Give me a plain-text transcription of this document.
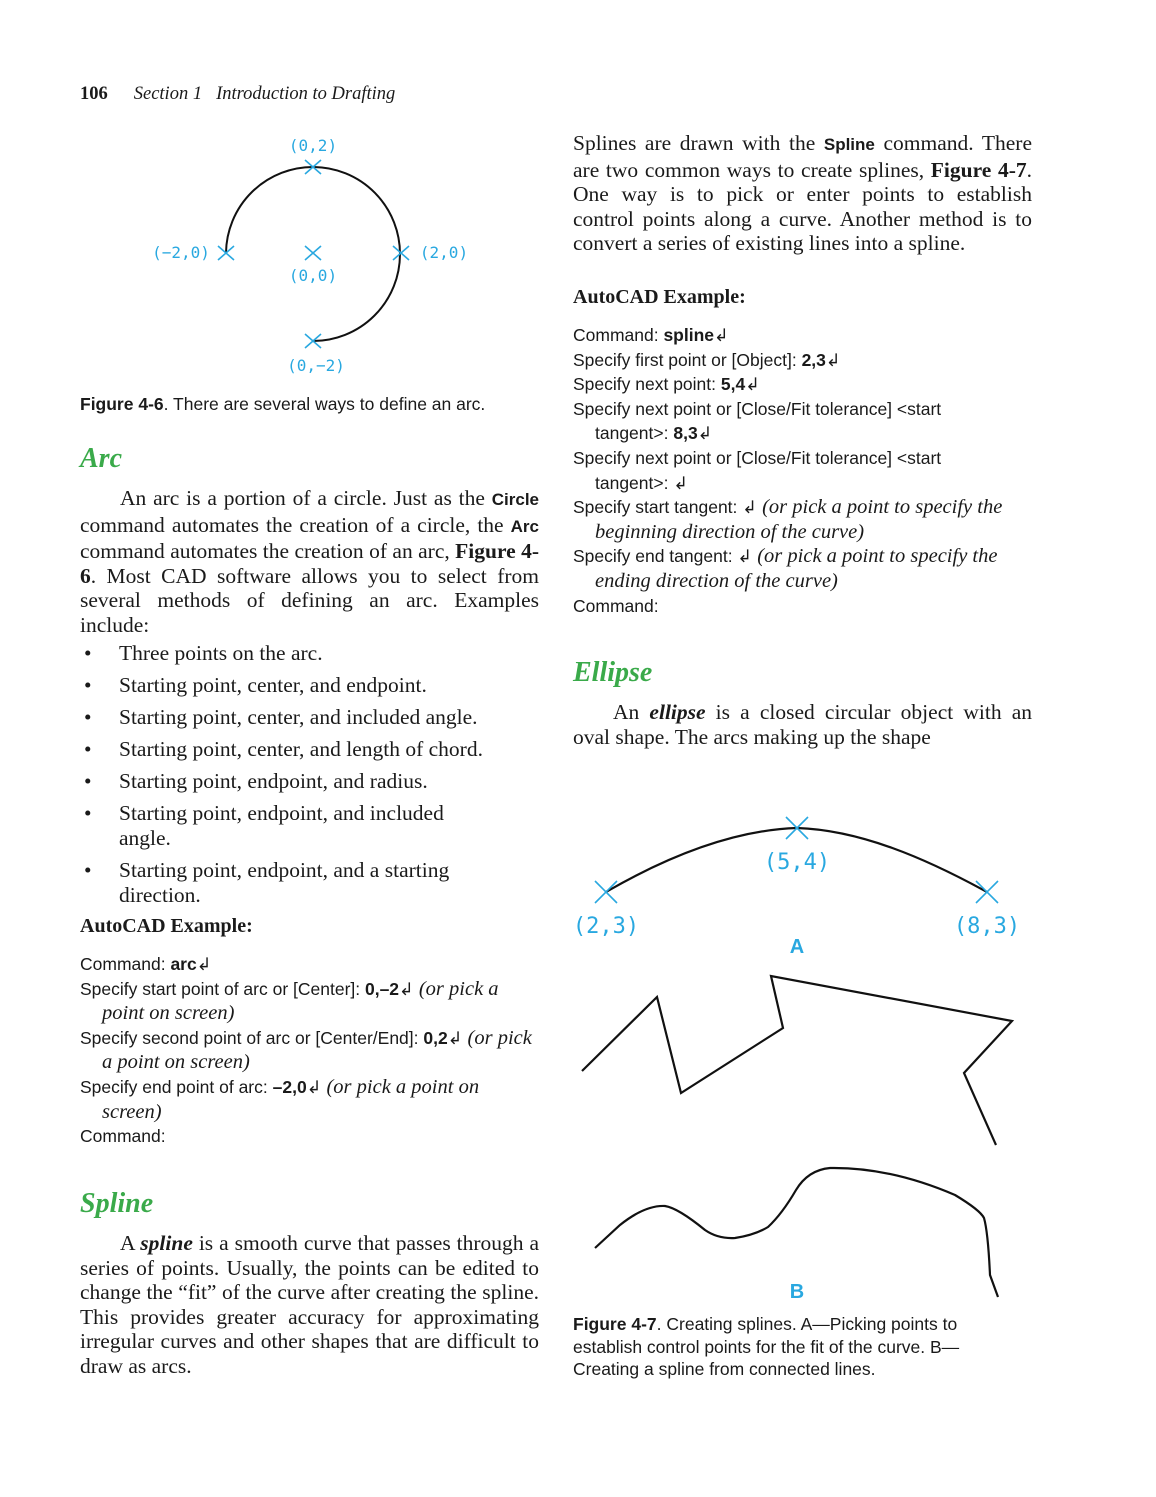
106 Section 1 Introduction to Drafting
(0,2)
(−2,0)
(0,0)
(2,0)
(0,−2)

Figure 4-6. There are several ways to define an arc.

Arc

An arc is a portion of a circle. Just as the Circle command automates the creation of a circle, the Arc command automates the creation of an arc, Figure 4-6. Most CAD software allows you to select from several methods of defining an arc. Examples include:

• Three points on the arc.
• Starting point, center, and endpoint.
• Starting point, center, and included angle.
• Starting point, center, and length of chord.
• Starting point, endpoint, and radius.
• Starting point, endpoint, and included angle.
• Starting point, endpoint, and a starting direction.
AutoCAD Example:
Command: arc↲
Specify start point of arc or [Center]: 0,–2↲ (or pick a point on screen)
Specify second point of arc or [Center/End]: 0,2↲ (or pick a point on screen)
Specify end point of arc: –2,0↲ (or pick a point on screen)
Command:
Spline

A spline is a smooth curve that passes through a series of points. Usually, the points can be edited to change the “fit” of the curve after creating the spline. This provides greater accuracy for approximating irregular curves and other shapes that are difficult to draw as arcs.

Splines are drawn with the Spline command. There are two common ways to create splines, Figure 4-7. One way is to pick or enter points to establish control points along a curve. Another method is to convert a series of existing lines into a spline.

AutoCAD Example:
Command: spline↲
Specify first point or [Object]: 2,3↲
Specify next point: 5,4↲
Specify next point or [Close/Fit tolerance] <start tangent>: 8,3↲
Specify next point or [Close/Fit tolerance] <start tangent>: ↲
Specify start tangent: ↲ (or pick a point to specify the beginning direction of the curve)
Specify end tangent: ↲ (or pick a point to specify the ending direction of the curve)
Command:
Ellipse

An ellipse is a closed circular object with an oval shape. The arcs making up the shape

(2,3)
(5,4)
(8,3)
A
B

Figure 4-7. Creating splines. A—Picking points to establish control points for the fit of the curve. B—Creating a spline from connected lines.
